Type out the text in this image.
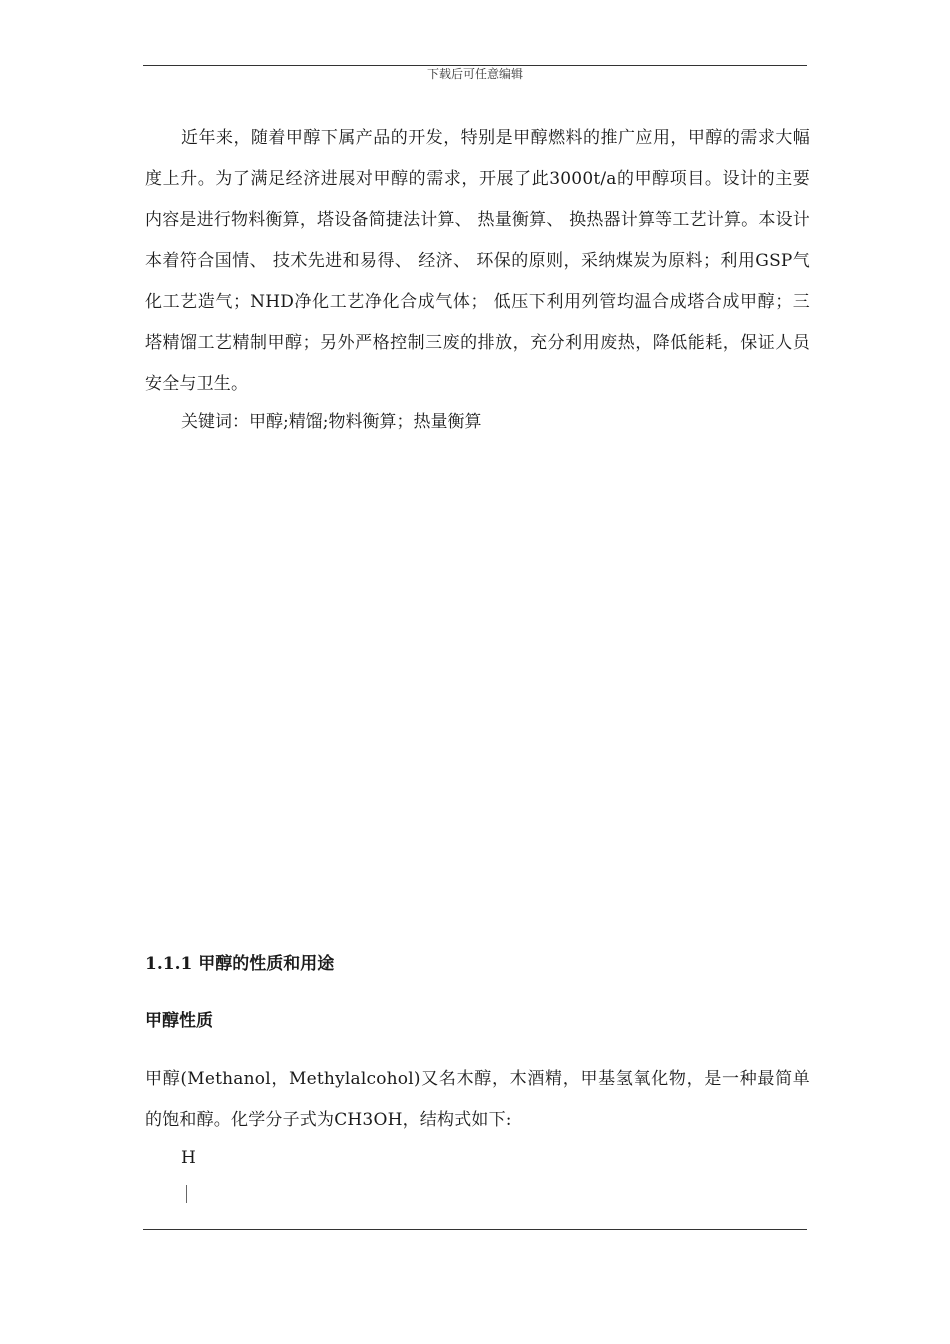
下载后可任意编辑

近年来，随着甲醇下属产品的开发，特别是甲醇燃料的推广应用，甲醇的需求大幅度上升。为了满足经济进展对甲醇的需求，开展了此3000t/a的甲醇项目。设计的主要内容是进行物料衡算，塔设备简捷法计算、 热量衡算、 换热器计算等工艺计算。本设计本着符合国情、 技术先进和易得、 经济、 环保的原则，采纳煤炭为原料；利用GSP气化工艺造气；NHD净化工艺净化合成气体； 低压下利用列管均温合成塔合成甲醇；三塔精馏工艺精制甲醇；另外严格控制三废的排放，充分利用废热，降低能耗，保证人员安全与卫生。

关键词：甲醇;精馏;物料衡算；热量衡算
1.1.1 甲醇的性质和用途
甲醇性质

甲醇(Methanol，Methylalcohol)又名木醇，木酒精，甲基氢氧化物，是一种最简单的饱和醇。化学分子式为CH3OH，结构式如下:

H
